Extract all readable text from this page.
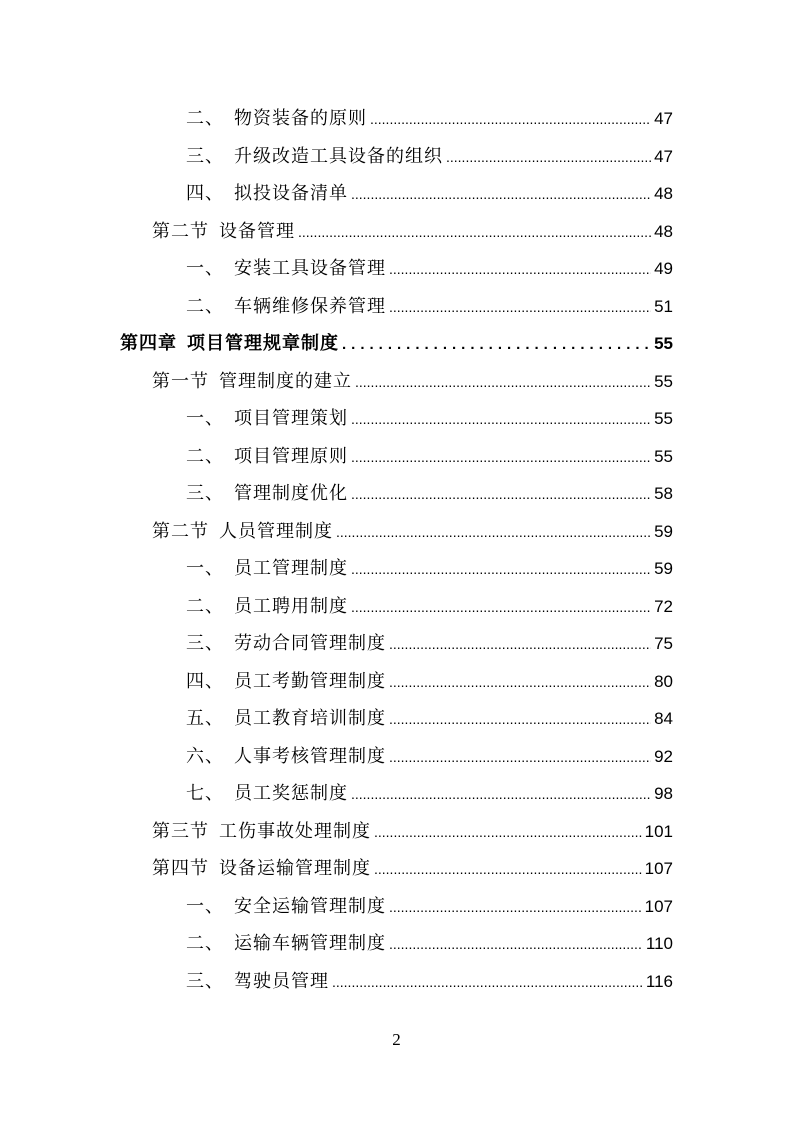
二、 物资装备的原则 .....	47
三、 升级改造工具设备的组织 .....	47
四、 拟投设备清单 .....	48
第二节 设备管理 .....	48
一、 安装工具设备管理 .....	49
二、 车辆维修保养管理 .....	51
第四章 项目管理规章制度 .....	55
第一节 管理制度的建立 .....	55
一、 项目管理策划 .....	55
二、 项目管理原则 .....	55
三、 管理制度优化 .....	58
第二节 人员管理制度 .....	59
一、 员工管理制度 .....	59
二、 员工聘用制度 .....	72
三、 劳动合同管理制度 .....	75
四、 员工考勤管理制度 .....	80
五、 员工教育培训制度 .....	84
六、 人事考核管理制度 .....	92
七、 员工奖惩制度 .....	98
第三节 工伤事故处理制度 .....	101
第四节 设备运输管理制度 .....	107
一、 安全运输管理制度 .....	107
二、 运输车辆管理制度 .....	110
三、 驾驶员管理 .....	116
2
